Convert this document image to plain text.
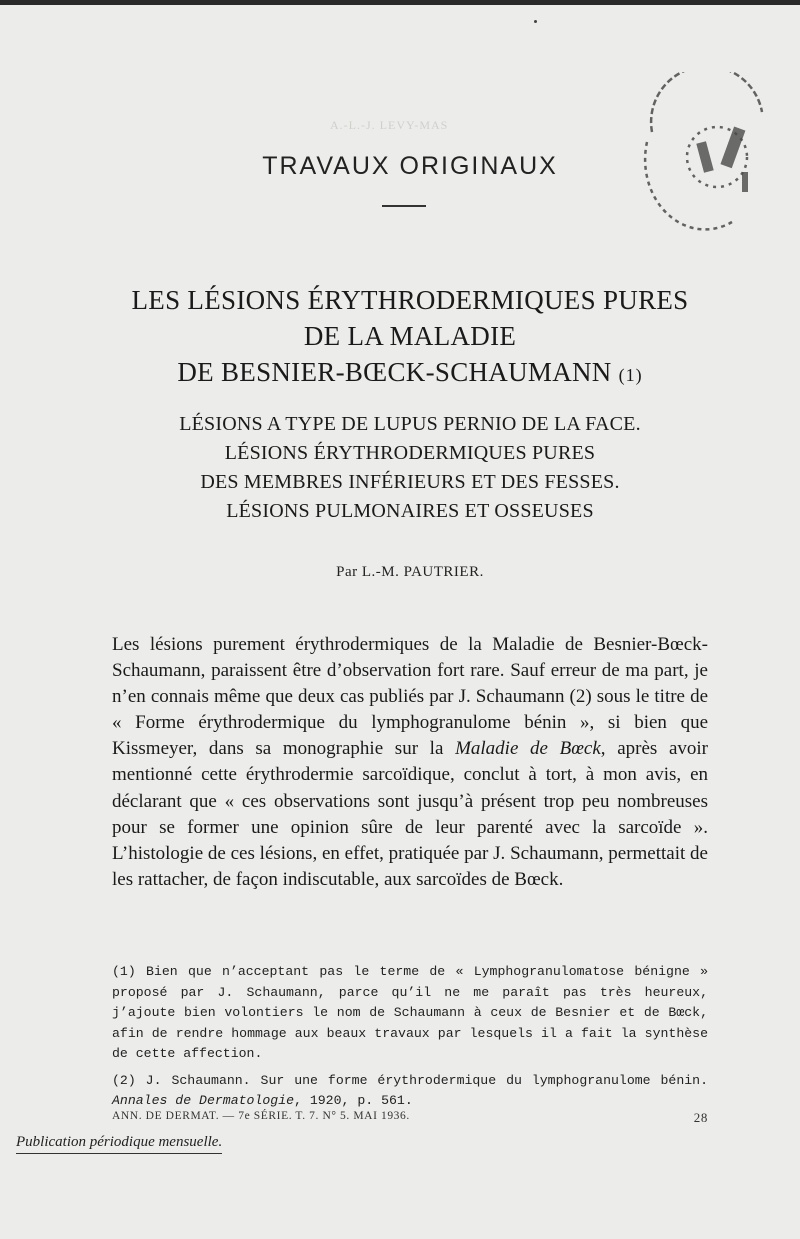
A.-L.-J. LEVY-MAS
TRAVAUX ORIGINAUX
LES LÉSIONS ÉRYTHRODERMIQUES PURES
DE LA MALADIE
DE BESNIER-BŒCK-SCHAUMANN (1)
LÉSIONS A TYPE DE LUPUS PERNIO DE LA FACE.
LÉSIONS ÉRYTHRODERMIQUES PURES
DES MEMBRES INFÉRIEURS ET DES FESSES.
LÉSIONS PULMONAIRES ET OSSEUSES
Par L.-M. PAUTRIER.

Les lésions purement érythrodermiques de la Maladie de Besnier-Bœck-Schaumann, paraissent être d’observation fort rare. Sauf erreur de ma part, je n’en connais même que deux cas publiés par J. Schaumann (2) sous le titre de « Forme érythrodermique du lymphogranulome bénin », si bien que Kissmeyer, dans sa monographie sur la Maladie de Bœck, après avoir mentionné cette érythrodermie sarcoïdique, conclut à tort, à mon avis, en déclarant que « ces observations sont jusqu’à présent trop peu nombreuses pour se former une opinion sûre de leur parenté avec la sarcoïde ». L’histologie de ces lésions, en effet, pratiquée par J. Schaumann, permettait de les rattacher, de façon indiscutable, aux sarcoïdes de Bœck.

(1) Bien que n’acceptant pas le terme de « Lymphogranulomatose bénigne » proposé par J. Schaumann, parce qu’il ne me paraît pas très heureux, j’ajoute bien volontiers le nom de Schaumann à ceux de Besnier et de Bœck, afin de rendre hommage aux beaux travaux par lesquels il a fait la synthèse de cette affection.

(2) J. Schaumann. Sur une forme érythrodermique du lymphogranulome bénin. Annales de Dermatologie, 1920, p. 561.

ANN. DE DERMAT. — 7e SÉRIE. T. 7. N° 5. MAI 1936.	28
Publication périodique mensuelle.
